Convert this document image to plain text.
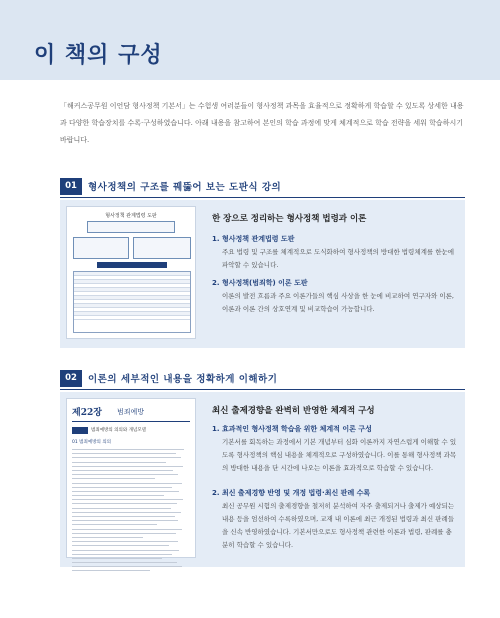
이 책의 구성
「해커스공무원 이언담 형사정책 기본서」는 수험생 여러분들이 형사정책 과목을 효율적으로 정확하게 학습할 수 있도록 상세한 내용과 다양한 학습장치를 수록·구성하였습니다. 아래 내용을 참고하여 본인의 학습 과정에 맞게 체계적으로 학습 전략을 세워 학습하시기 바랍니다.
01	형사정책의 구조를 꿰뚫어 보는 도판식 강의
형사정책 관계법령 도판	한 장으로 정리하는 형사정책 법령과 이론
1. 형사정책 관계법령 도판
주요 법령 및 구조를 체계적으로 도식화하여 형사정책의 방대한 법령체계를 한눈에 파악할 수 있습니다.
2. 형사정책(범죄학) 이론 도판
이론의 발전 흐름과 주요 이론가들의 핵심 사상을 한 눈에 비교하여 연구자와 이론, 이론과 이론 간의 상호연계 및 비교학습이 가능합니다.
02	이론의 세부적인 내용을 정확하게 이해하기
제22장 범죄예방
범죄예방의 의의와 개념모델
01 범죄예방의 의의
최신 출제경향을 완벽히 반영한 체계적 구성
1. 효과적인 형사정책 학습을 위한 체계적 이론 구성
기본서를 회독하는 과정에서 기본 개념부터 심화 이론까지 자연스럽게 이해할 수 있도록 형사정책의 핵심 내용을 체계적으로 구성하였습니다. 이를 통해 형사정책 과목의 방대한 내용을 단 시간에 나오는 이론을 효과적으로 학습할 수 있습니다.
2. 최신 출제경향 반영 및 개정 법령·최신 판례 수록
최신 공무원 시험의 출제경향을 철저히 분석하여 자주 출제되거나 출제가 예상되는 내용 등을 엄선하여 수록하였으며, 교재 내 이론에 최근 개정된 법령과 최신 판례들을 신속 반영하였습니다. 기본서만으로도 형사정책 관련한 이론과 법령, 판례를 충분히 학습할 수 있습니다.
